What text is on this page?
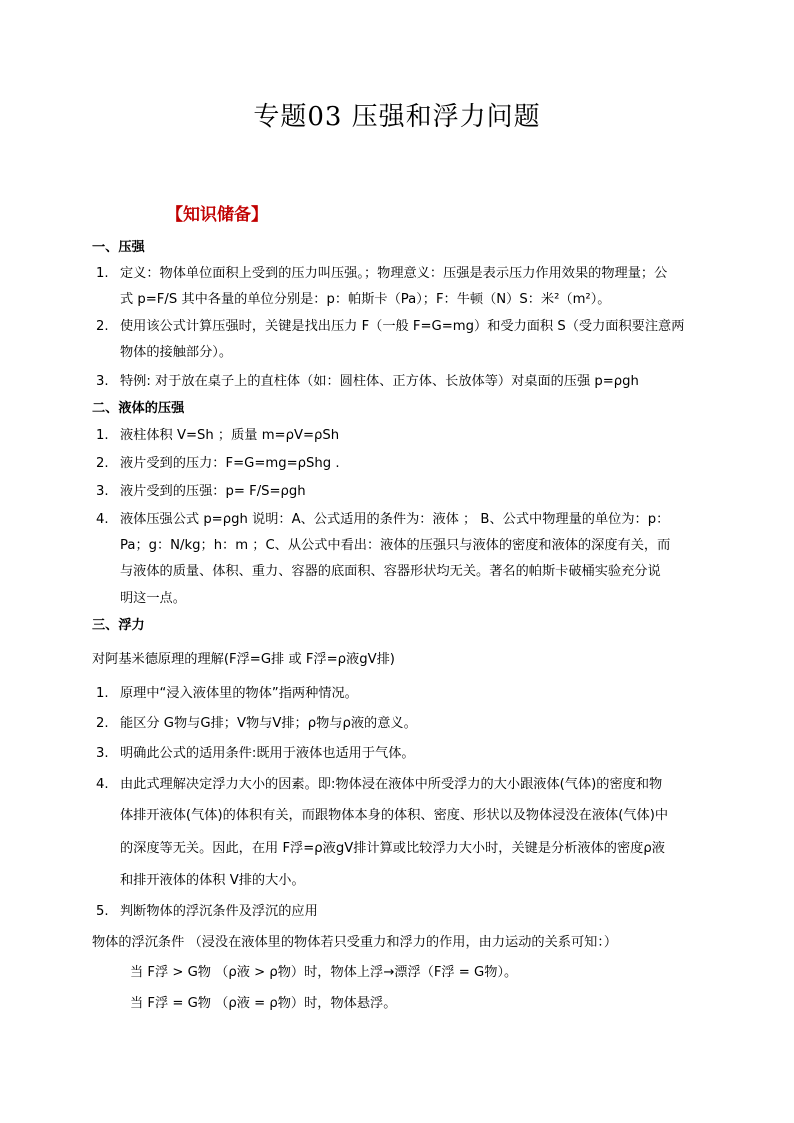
专题03 压强和浮力问题
【知识储备】
一、压强
1. 定义：物体单位面积上受到的压力叫压强。；物理意义：压强是表示压力作用效果的物理量；公
式 p=F/S 其中各量的单位分别是：p：帕斯卡（Pa）；F：牛顿（N）S：米²（m²）。
2. 使用该公式计算压强时，关键是找出压力 F（一般 F=G=mg）和受力面积 S（受力面积要注意两
物体的接触部分）。
3. 特例: 对于放在桌子上的直柱体（如：圆柱体、正方体、长放体等）对桌面的压强 p=ρgh
二、液体的压强
1. 液柱体积 V=Sh ；质量 m=ρV=ρSh
2. 液片受到的压力：F=G=mg=ρShg .
3. 液片受到的压强：p= F/S=ρgh
4. 液体压强公式 p=ρgh 说明：A、公式适用的条件为：液体 ； B、公式中物理量的单位为：p：
Pa；g：N/kg；h：m ；C、从公式中看出：液体的压强只与液体的密度和液体的深度有关，而
与液体的质量、体积、重力、容器的底面积、容器形状均无关。著名的帕斯卡破桶实验充分说
明这一点。
三、浮力
对阿基米德原理的理解(F浮=G排 或 F浮=ρ液gV排)
1. 原理中“浸入液体里的物体”指两种情况。
2. 能区分 G物与G排；V物与V排；ρ物与ρ液的意义。
3. 明确此公式的适用条件:既用于液体也适用于气体。
4. 由此式理解决定浮力大小的因素。即:物体浸在液体中所受浮力的大小跟液体(气体)的密度和物
体排开液体(气体)的体积有关，而跟物体本身的体积、密度、形状以及物体浸没在液体(气体)中
的深度等无关。因此，在用 F浮=ρ液gV排计算或比较浮力大小时，关键是分析液体的密度ρ液
和排开液体的体积 V排的大小。
5. 判断物体的浮沉条件及浮沉的应用
物体的浮沉条件 （浸没在液体里的物体若只受重力和浮力的作用，由力运动的关系可知：）
当 F浮 > G物 （ρ液 > ρ物）时，物体上浮→漂浮（F浮 = G物）。
当 F浮 = G物 （ρ液 = ρ物）时，物体悬浮。
